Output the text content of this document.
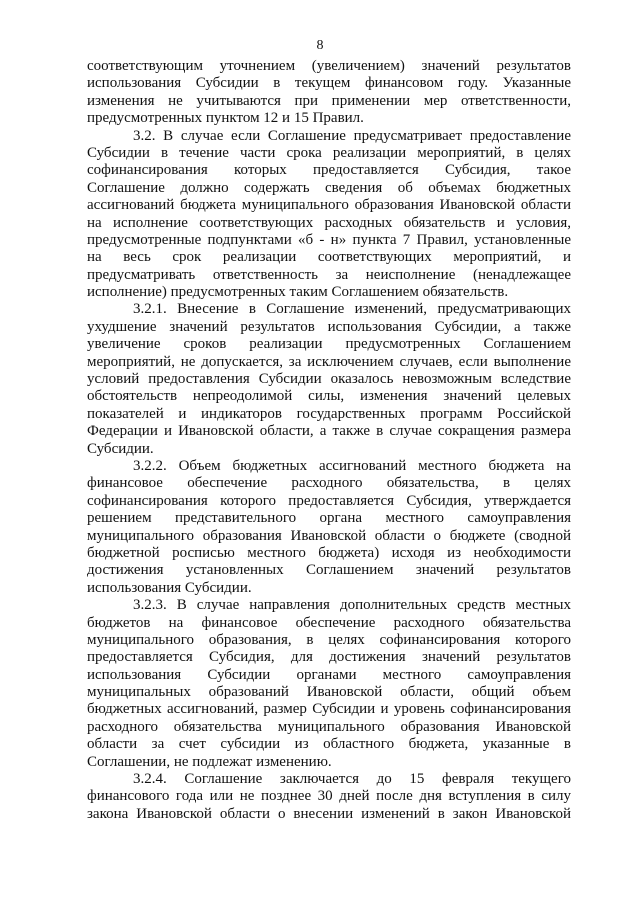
8
соответствующим уточнением (увеличением) значений результатов
использования Субсидии в текущем финансовом году. Указанные
изменения не учитываются при применении мер ответственности,
предусмотренных пунктом 12 и 15 Правил.
3.2. В случае если Соглашение предусматривает предоставление
Субсидии в течение части срока реализации мероприятий, в целях
софинансирования которых предоставляется Субсидия, такое
Соглашение должно содержать сведения об объемах бюджетных
ассигнований бюджета муниципального образования Ивановской области
на исполнение соответствующих расходных обязательств и условия,
предусмотренные подпунктами «б - н» пункта 7 Правил, установленные
на весь срок реализации соответствующих мероприятий, и
предусматривать ответственность за неисполнение (ненадлежащее
исполнение) предусмотренных таким Соглашением обязательств.
3.2.1. Внесение в Соглашение изменений, предусматривающих
ухудшение значений результатов использования Субсидии, а также
увеличение сроков реализации предусмотренных Соглашением
мероприятий, не допускается, за исключением случаев, если выполнение
условий предоставления Субсидии оказалось невозможным вследствие
обстоятельств непреодолимой силы, изменения значений целевых
показателей и индикаторов государственных программ Российской
Федерации и Ивановской области, а также в случае сокращения размера
Субсидии.
3.2.2. Объем бюджетных ассигнований местного бюджета на
финансовое обеспечение расходного обязательства, в целях
софинансирования которого предоставляется Субсидия, утверждается
решением представительного органа местного самоуправления
муниципального образования Ивановской области о бюджете (сводной
бюджетной росписью местного бюджета) исходя из необходимости
достижения установленных Соглашением значений результатов
использования Субсидии.
3.2.3. В случае направления дополнительных средств местных
бюджетов на финансовое обеспечение расходного обязательства
муниципального образования, в целях софинансирования которого
предоставляется Субсидия, для достижения значений результатов
использования Субсидии органами местного самоуправления
муниципальных образований Ивановской области, общий объем
бюджетных ассигнований, размер Субсидии и уровень софинансирования
расходного обязательства муниципального образования Ивановской
области за счет субсидии из областного бюджета, указанные в
Соглашении, не подлежат изменению.
3.2.4. Соглашение заключается до 15 февраля текущего
финансового года или не позднее 30 дней после дня вступления в силу
закона Ивановской области о внесении изменений в закон Ивановской
